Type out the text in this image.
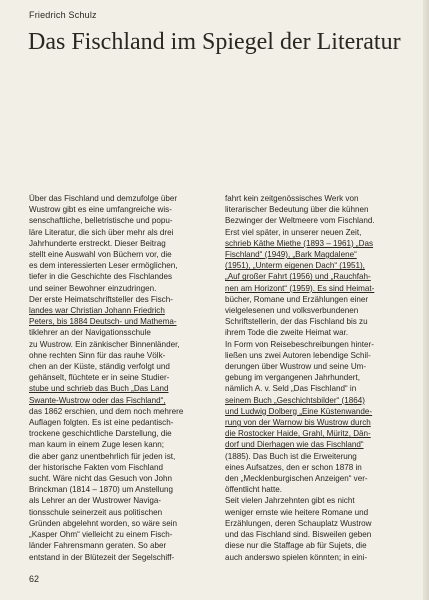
Friedrich Schulz
Das Fischland im Spiegel der Literatur
Über das Fischland und demzufolge über
Wustrow gibt es eine umfangreiche wis-
senschaftliche, belletristische und popu-
läre Literatur, die sich über mehr als drei
Jahrhunderte erstreckt. Dieser Beitrag
stellt eine Auswahl von Büchern vor, die
es dem interessierten Leser ermöglichen,
tiefer in die Geschichte des Fischlandes
und seiner Bewohner einzudringen.
Der erste Heimatschriftsteller des Fisch-
landes war Christian Johann Friedrich
Peters, bis 1884 Deutsch- und Mathema-
tiklehrer an der Navigationsschule
zu Wustrow. Ein zänkischer Binnenländer,
ohne rechten Sinn für das rauhe Völk-
chen an der Küste, ständig verfolgt und
gehänselt, flüchtete er in seine Studier-
stube und schrieb das Buch „Das Land
Swante-Wustrow oder das Fischland“,
das 1862 erschien, und dem noch mehrere
Auflagen folgten. Es ist eine pedantisch-
trockene geschichtliche Darstellung, die
man kaum in einem Zuge lesen kann;
die aber ganz unentbehrlich für jeden ist,
der historische Fakten vom Fischland
sucht. Wäre nicht das Gesuch von John
Brinckman (1814 – 1870) um Anstellung
als Lehrer an der Wustrower Naviga-
tionsschule seinerzeit aus politischen
Gründen abgelehnt worden, so wäre sein
„Kasper Ohm“ vielleicht zu einem Fisch-
länder Fahrensmann geraten. So aber
entstand in der Blütezeit der Segelschiff-
fahrt kein zeitgenössisches Werk von
literarischer Bedeutung über die kühnen
Bezwinger der Weltmeere vom Fischland.
Erst viel später, in unserer neuen Zeit,
schrieb Käthe Miethe (1893 – 1961) „Das
Fischland“ (1949), „Bark Magdalene“
(1951), „Unterm eigenen Dach“ (1951),
„Auf großer Fahrt (1956) und „Rauchfah-
nen am Horizont“ (1959). Es sind Heimat-
bücher, Romane und Erzählungen einer
vielgelesenen und volksverbundenen
Schriftstellerin, der das Fischland bis zu
ihrem Tode die zweite Heimat war.
In Form von Reisebeschreibungen hinter-
ließen uns zwei Autoren lebendige Schil-
derungen über Wustrow und seine Um-
gebung im vergangenen Jahrhundert,
nämlich A. v. Seld „Das Fischland“ in
seinem Buch „Geschichtsbilder“ (1864)
und Ludwig Dolberg „Eine Küstenwande-
rung von der Warnow bis Wustrow durch
die Rostocker Haide, Grahl, Müritz, Dän-
dorf und Dierhagen wie das Fischland“
(1885). Das Buch ist die Erweiterung
eines Aufsatzes, den er schon 1878 in
den „Mecklenburgischen Anzeigen“ ver-
öffentlicht hatte.
Seit vielen Jahrzehnten gibt es nicht
weniger ernste wie heitere Romane und
Erzählungen, deren Schauplatz Wustrow
und das Fischland sind. Bisweilen geben
diese nur die Staffage ab für Sujets, die
auch anderswo spielen könnten; in eini-
62
